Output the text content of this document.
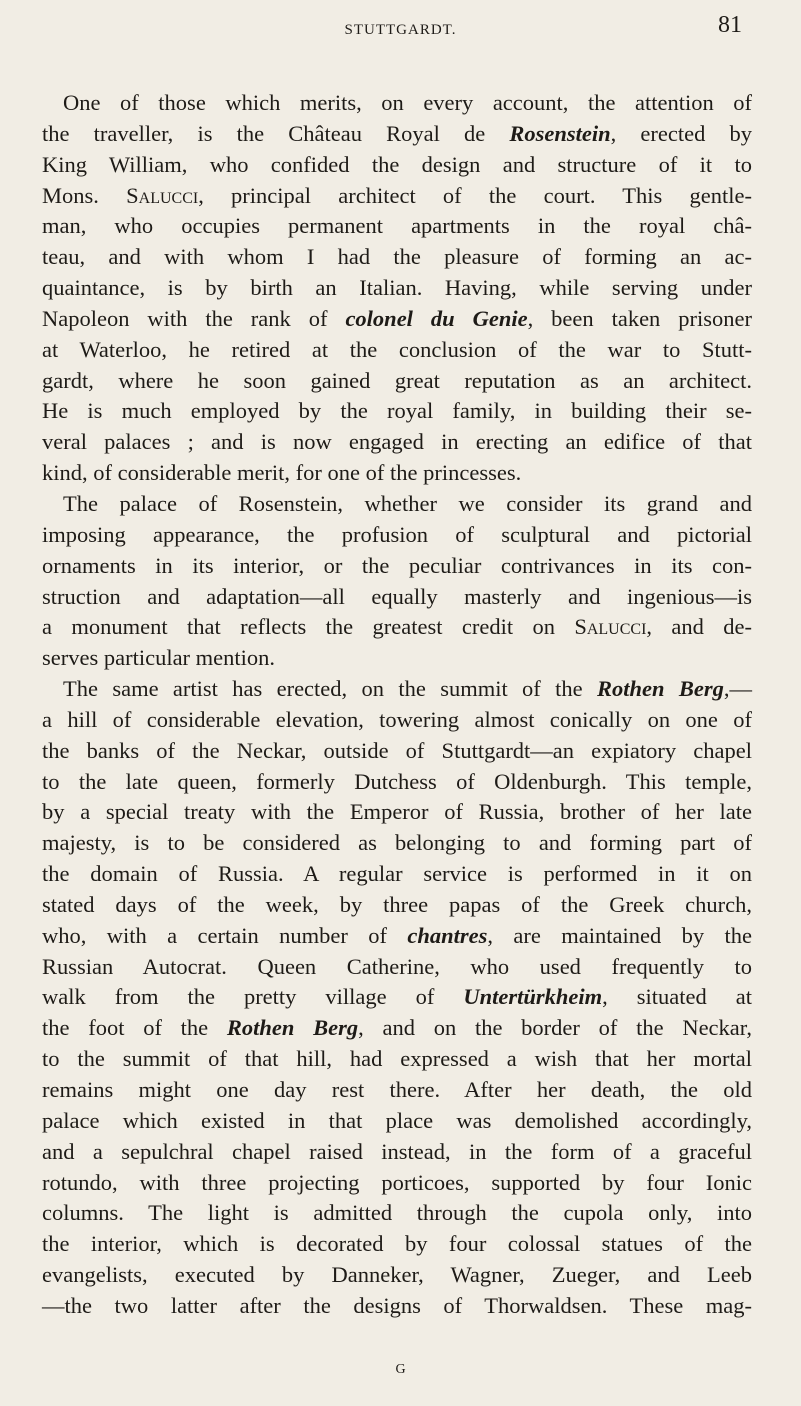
STUTTGARDT.	81
One of those which merits, on every account, the attention of
the traveller, is the Château Royal de Rosenstein, erected by
King William, who confided the design and structure of it to
Mons. Salucci, principal architect of the court. This gentle-
man, who occupies permanent apartments in the royal châ-
teau, and with whom I had the pleasure of forming an ac-
quaintance, is by birth an Italian. Having, while serving under
Napoleon with the rank of colonel du Genie, been taken prisoner
at Waterloo, he retired at the conclusion of the war to Stutt-
gardt, where he soon gained great reputation as an architect.
He is much employed by the royal family, in building their se-
veral palaces ; and is now engaged in erecting an edifice of that
kind, of considerable merit, for one of the princesses.
The palace of Rosenstein, whether we consider its grand and
imposing appearance, the profusion of sculptural and pictorial
ornaments in its interior, or the peculiar contrivances in its con-
struction and adaptation—all equally masterly and ingenious—is
a monument that reflects the greatest credit on Salucci, and de-
serves particular mention.
The same artist has erected, on the summit of the Rothen Berg,—
a hill of considerable elevation, towering almost conically on one of
the banks of the Neckar, outside of Stuttgardt—an expiatory chapel
to the late queen, formerly Dutchess of Oldenburgh. This temple,
by a special treaty with the Emperor of Russia, brother of her late
majesty, is to be considered as belonging to and forming part of
the domain of Russia. A regular service is performed in it on
stated days of the week, by three papas of the Greek church,
who, with a certain number of chantres, are maintained by the
Russian Autocrat. Queen Catherine, who used frequently to
walk from the pretty village of Untertürkheim, situated at
the foot of the Rothen Berg, and on the border of the Neckar,
to the summit of that hill, had expressed a wish that her mortal
remains might one day rest there. After her death, the old
palace which existed in that place was demolished accordingly,
and a sepulchral chapel raised instead, in the form of a graceful
rotundo, with three projecting porticoes, supported by four Ionic
columns. The light is admitted through the cupola only, into
the interior, which is decorated by four colossal statues of the
evangelists, executed by Danneker, Wagner, Zueger, and Leeb
—the two latter after the designs of Thorwaldsen. These mag-
G
